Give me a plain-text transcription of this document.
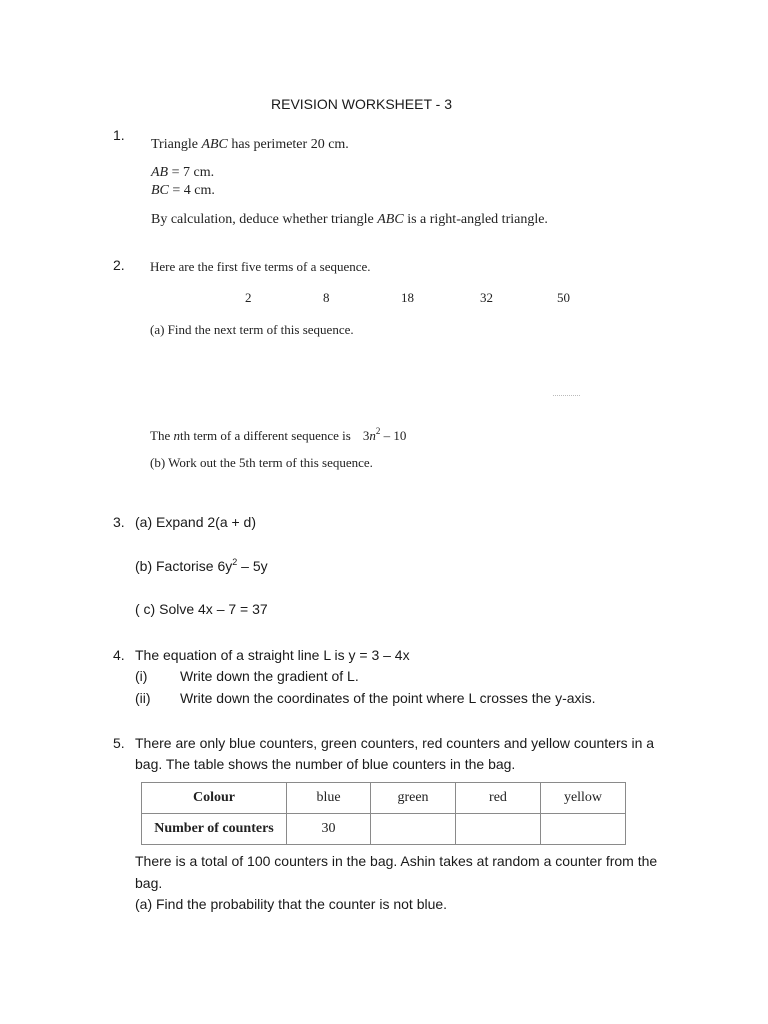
REVISION WORKSHEET - 3
1.
Triangle ABC has perimeter 20 cm.
AB = 7 cm.
BC = 4 cm.
By calculation, deduce whether triangle ABC is a right-angled triangle.
2. Here are the first five terms of a sequence.
2	8	18	32	50
(a) Find the next term of this sequence.
The nth term of a different sequence is $3n^2 - 10$
(b) Work out the 5th term of this sequence.
3. (a) Expand 2(a + d)
(b) Factorise $6y^2 - 5y$
( c) Solve 4x – 7 = 37
4. The equation of a straight line L is y = 3 – 4x
(i) Write down the gradient of L.
(ii) Write down the coordinates of the point where L crosses the y-axis.
5. There are only blue counters, green counters, red counters and yellow counters in a
bag. The table shows the number of blue counters in the bag.
Colour	blue	green	red	yellow
Number of counters	30			
There is a total of 100 counters in the bag. Ashin takes at random a counter from the
bag.
(a) Find the probability that the counter is not blue.
